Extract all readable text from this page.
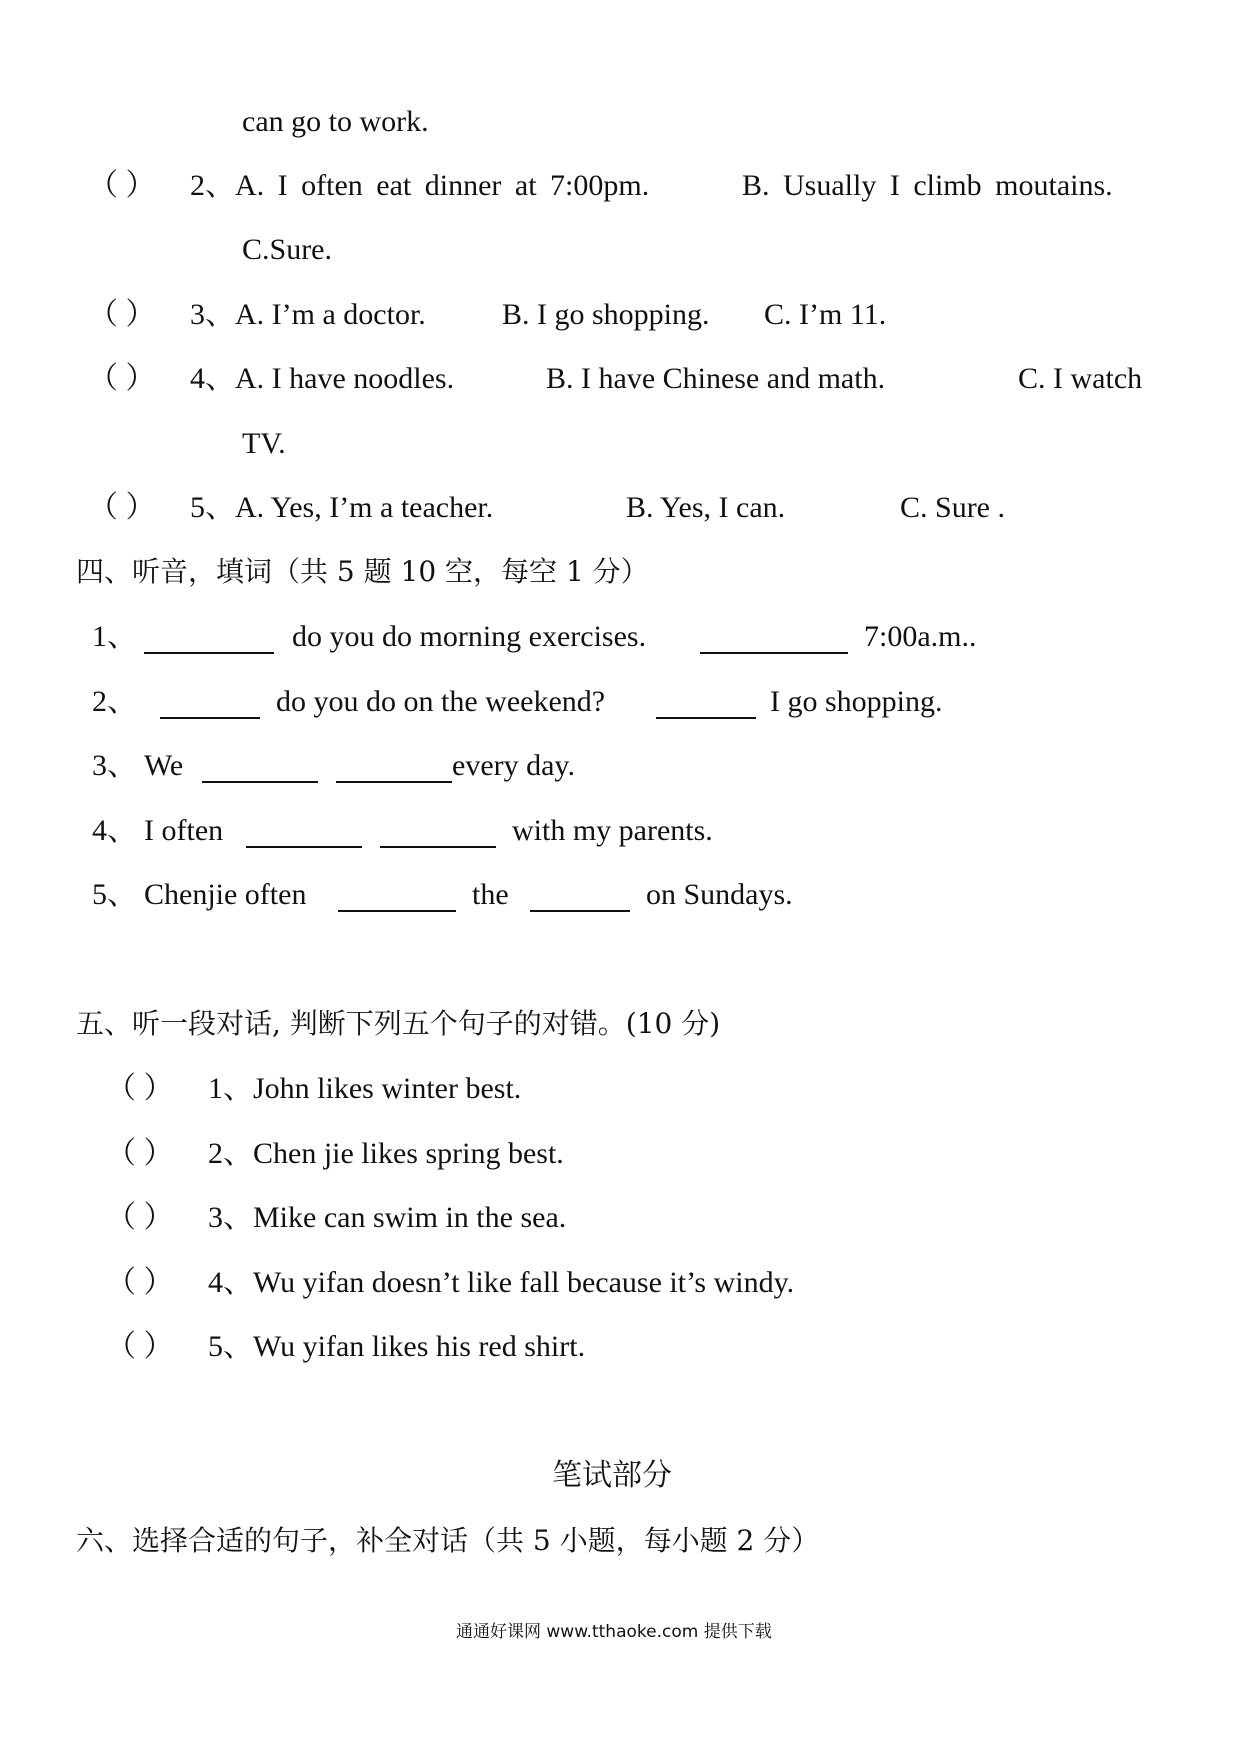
can go to work.
（ ） 2、A. I often eat dinner at 7:00pm.	B. Usually I climb moutains.
C.Sure.
（ ） 3、A. I’m a doctor.	B. I go shopping. C. I’m 11.
（ ） 4、A. I have noodles.	B. I have Chinese and math.	C. I watch
TV.
（ ） 5、A. Yes, I’m a teacher.	B. Yes, I can.	C. Sure .
四、听音，填词（共 5 题 10 空，每空 1 分）
1、	do you do morning exercises.	7:00a.m..
2、	do you do on the weekend?	I go shopping.
3、 We	every day.
4、 I often	with my parents.
5、 Chenjie often	the	on Sundays.
五、听一段对话, 判断下列五个句子的对错。(10 分)
（ ） 1、John likes winter best.
（ ） 2、Chen jie likes spring best.
（ ） 3、Mike can swim in the sea.
（ ） 4、Wu yifan doesn’t like fall because it’s windy.
（ ） 5、Wu yifan likes his red shirt.
笔试部分
六、选择合适的句子，补全对话（共 5 小题，每小题 2 分）
通通好课网 www.tthaoke.com 提供下载
